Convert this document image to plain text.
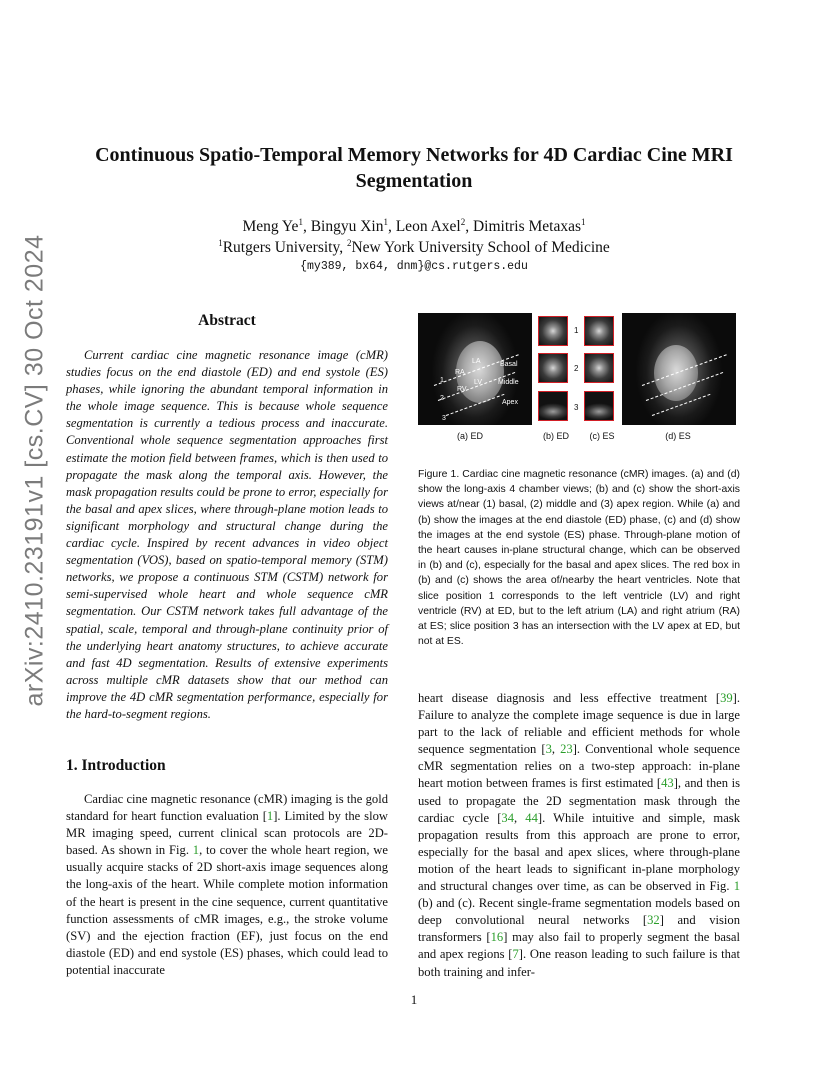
arXiv:2410.23191v1 [cs.CV] 30 Oct 2024
Continuous Spatio-Temporal Memory Networks for 4D Cardiac Cine MRI Segmentation
Meng Ye$^1$, Bingyu Xin$^1$, Leon Axel$^2$, Dimitris Metaxas$^1$
$^1$Rutgers University, $^2$New York University School of Medicine
{my389, bx64, dnm}@cs.rutgers.edu
Abstract

Current cardiac cine magnetic resonance image (cMR) studies focus on the end diastole (ED) and end systole (ES) phases, while ignoring the abundant temporal information in the whole image sequence. This is because whole sequence segmentation is currently a tedious process and inaccurate. Conventional whole sequence segmentation approaches first estimate the motion field between frames, which is then used to propagate the mask along the temporal axis. However, the mask propagation results could be prone to error, especially for the basal and apex slices, where through-plane motion leads to significant morphology and structural change during the cardiac cycle. Inspired by recent advances in video object segmentation (VOS), based on spatio-temporal memory (STM) networks, we propose a continuous STM (CSTM) network for semi-supervised whole heart and whole sequence cMR segmentation. Our CSTM network takes full advantage of the spatial, scale, temporal and through-plane continuity prior of the underlying heart anatomy structures, to achieve accurate and fast 4D segmentation. Results of extensive experiments across multiple cMR datasets show that our method can improve the 4D cMR segmentation performance, especially for the hard-to-segment regions.

1. Introduction

Cardiac cine magnetic resonance (cMR) imaging is the gold standard for heart function evaluation [1]. Limited by the slow MR imaging speed, current clinical scan protocols are 2D-based. As shown in Fig. 1, to cover the whole heart region, we usually acquire stacks of 2D short-axis image sequences along the long-axis of the heart. While complete motion information of the heart is present in the cine sequence, current quantitative function assessments of cMR images, e.g., the stroke volume (SV) and the ejection fraction (EF), just focus on the end diastole (ED) and end systole (ES) phases, which could lead to potential inaccurate

RA
LA
LV
RV
Basal
Middle
Apex
1
2
3
1
2
3
(a) ED	(b) ED	(c) ES	(d) ES

Figure 1. Cardiac cine magnetic resonance (cMR) images. (a) and (d) show the long-axis 4 chamber views; (b) and (c) show the short-axis views at/near (1) basal, (2) middle and (3) apex region. While (a) and (b) show the images at the end diastole (ED) phase, (c) and (d) show the images at the end systole (ES) phase. Through-plane motion of the heart causes in-plane structural change, which can be observed in (b) and (c), especially for the basal and apex slices. The red box in (b) and (c) shows the area of/nearby the heart ventricles. Note that slice position 1 corresponds to the left ventricle (LV) and right ventricle (RV) at ED, but to the left atrium (LA) and right atrium (RA) at ES; slice position 3 has an intersection with the LV apex at ED, but not at ES.

heart disease diagnosis and less effective treatment [39]. Failure to analyze the complete image sequence is due in large part to the lack of reliable and efficient methods for whole sequence segmentation [3, 23]. Conventional whole sequence cMR segmentation relies on a two-step approach: in-plane heart motion between frames is first estimated [43], and then is used to propagate the 2D segmentation mask through the cardiac cycle [34, 44]. While intuitive and simple, mask propagation results from this approach are prone to error, especially for the basal and apex slices, where through-plane motion of the heart leads to significant in-plane morphology and structural changes over time, as can be observed in Fig. 1 (b) and (c). Recent single-frame segmentation models based on deep convolutional neural networks [32] and vision transformers [16] may also fail to properly segment the basal and apex regions [7]. One reason leading to such failure is that both training and infer-

1
